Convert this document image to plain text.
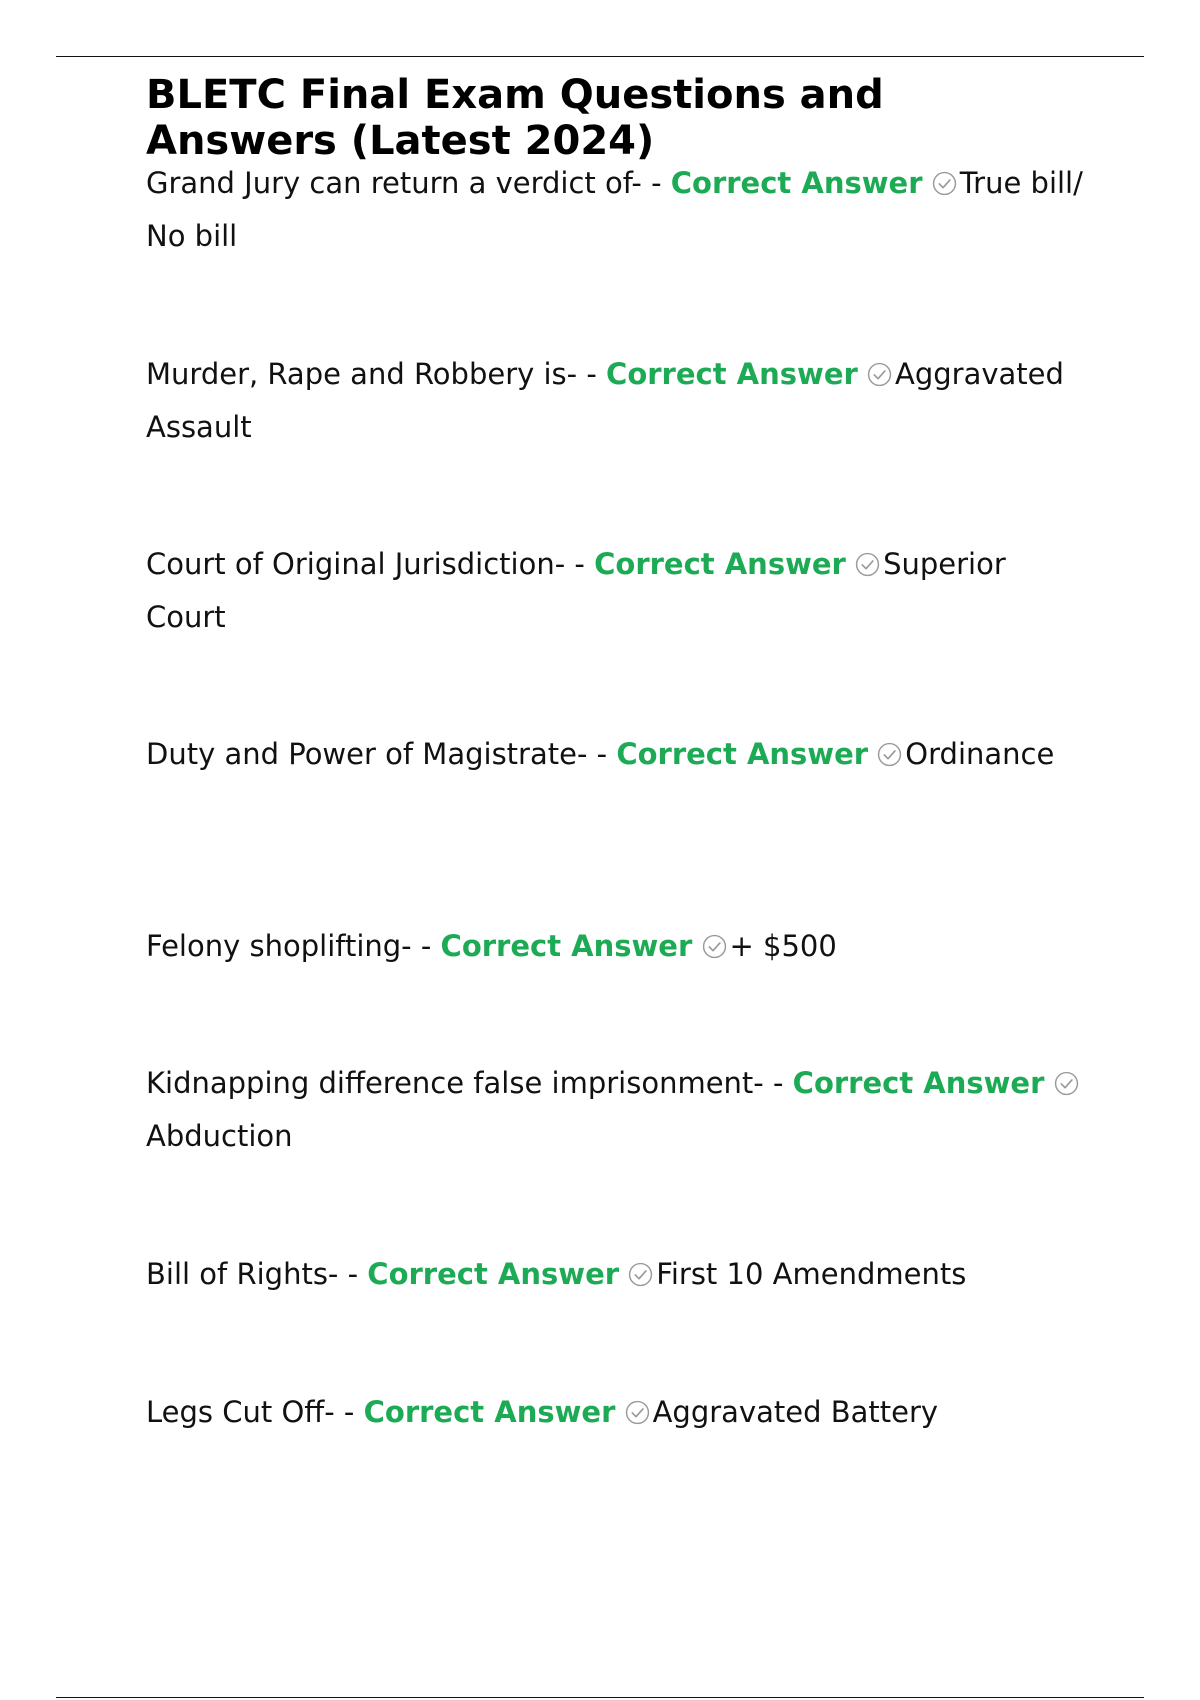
BLETC Final Exam Questions and Answers (Latest 2024)

Grand Jury can return a verdict of- - Correct Answer True bill/ No bill

Murder, Rape and Robbery is- - Correct Answer Aggravated Assault

Court of Original Jurisdiction- - Correct Answer Superior Court

Duty and Power of Magistrate- - Correct Answer Ordinance

Felony shoplifting- - Correct Answer + $500

Kidnapping difference false imprisonment- - Correct Answer Abduction

Bill of Rights- - Correct Answer First 10 Amendments

Legs Cut Off- - Correct Answer Aggravated Battery
